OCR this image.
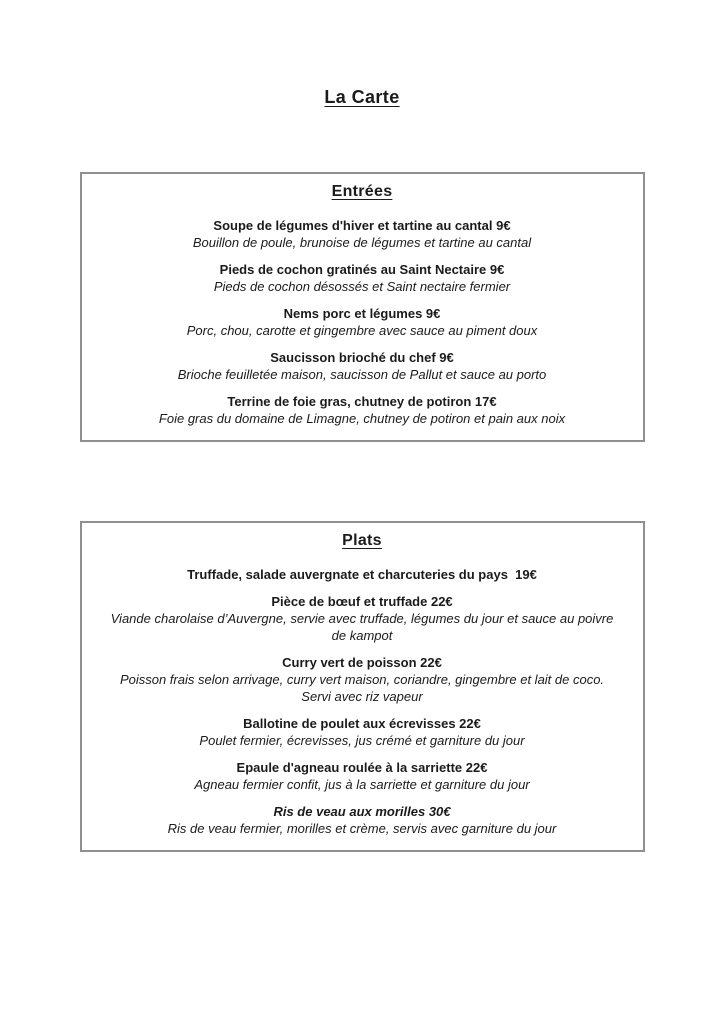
La Carte
Entrées
Soupe de légumes d'hiver et tartine au cantal 9€
Bouillon de poule, brunoise de légumes et tartine au cantal
Pieds de cochon gratinés au Saint Nectaire 9€
Pieds de cochon désossés et Saint nectaire fermier
Nems porc et légumes 9€
Porc, chou, carotte et gingembre avec sauce au piment doux
Saucisson brioché du chef 9€
Brioche feuilletée maison, saucisson de Pallut et sauce au porto
Terrine de foie gras, chutney de potiron 17€
Foie gras du domaine de Limagne, chutney de potiron et pain aux noix
Plats
Truffade, salade auvergnate et charcuteries du pays  19€
Pièce de bœuf et truffade 22€
Viande charolaise d’Auvergne, servie avec truffade, légumes du jour et sauce au poivre de kampot
Curry vert de poisson 22€
Poisson frais selon arrivage, curry vert maison, coriandre, gingembre et lait de coco. Servi avec riz vapeur
Ballotine de poulet aux écrevisses 22€
Poulet fermier, écrevisses, jus crémé et garniture du jour
Epaule d'agneau roulée à la sarriette 22€
Agneau fermier confit, jus à la sarriette et garniture du jour
Ris de veau aux morilles 30€
Ris de veau fermier, morilles et crème, servis avec garniture du jour
